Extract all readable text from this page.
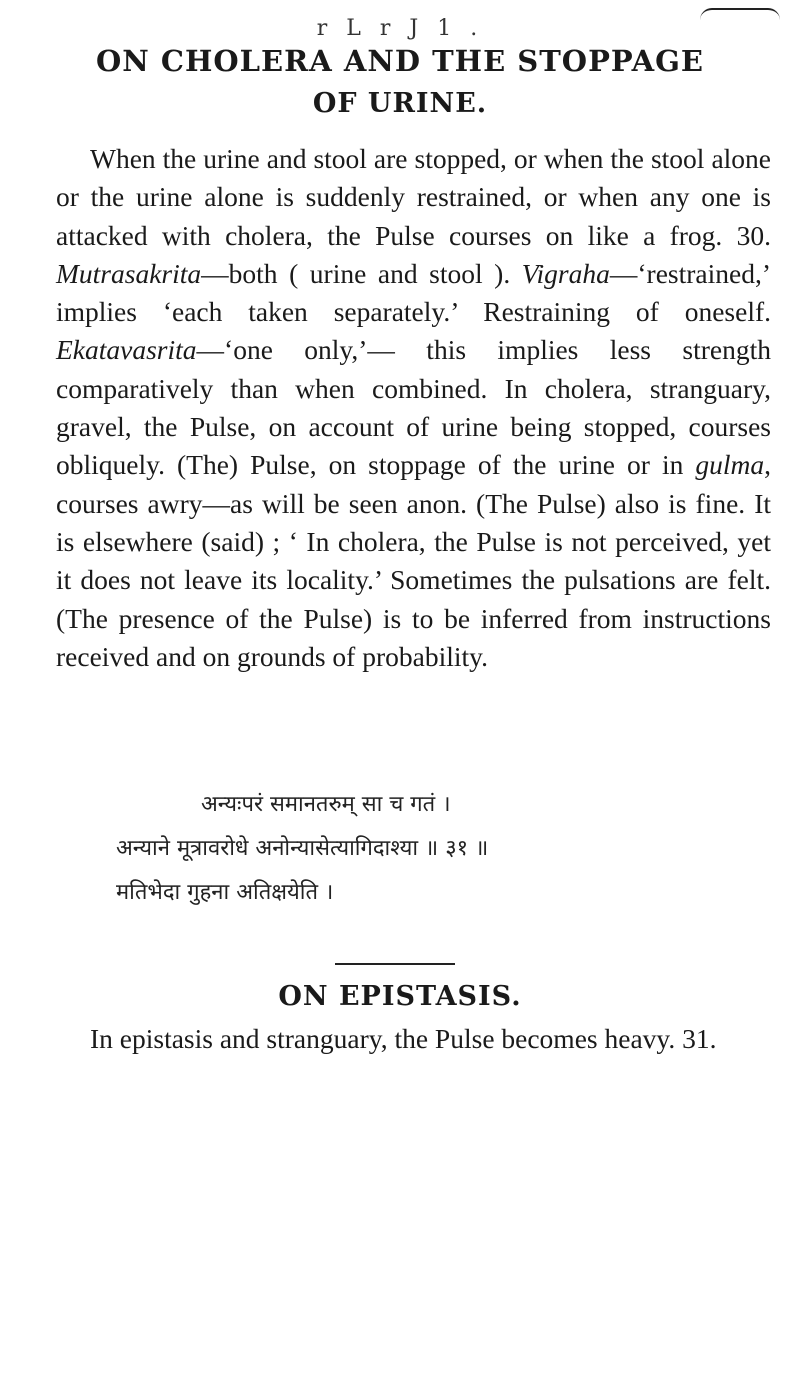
r L r J 1 .
ON CHOLERA AND THE STOPPAGE
OF URINE.

When the urine and stool are stopped, or when the stool alone or the urine alone is suddenly restrained, or when any one is attacked with cholera, the Pulse courses on like a frog. 30. Mutrasakrita—both ( urine and stool ). Vigraha—‘restrained,’ implies ‘each taken separately.’ Restraining of oneself. Ekatavasrita—‘one only,’— this implies less strength comparatively than when combined. In cholera, stranguary, gravel, the Pulse, on account of urine being stopped, courses obliquely. (The) Pulse, on stoppage of the urine or in gulma, courses awry—as will be seen anon. (The Pulse) also is fine. It is elsewhere (said) ; ‘ In cholera, the Pulse is not perceived, yet it does not leave its locality.’ Sometimes the pulsations are felt. (The presence of the Pulse) is to be inferred from instructions received and on grounds of probability.

अन्यःपरं समानतरुम् सा च गतं ।
अन्याने मूत्रावरोधे अनोन्यासेत्यागिदाश्या ॥ ३१ ॥
मतिभेदा गुहना अतिक्षयेति ।
ON EPISTASIS.

In epistasis and stranguary, the Pulse becomes heavy. 31.
